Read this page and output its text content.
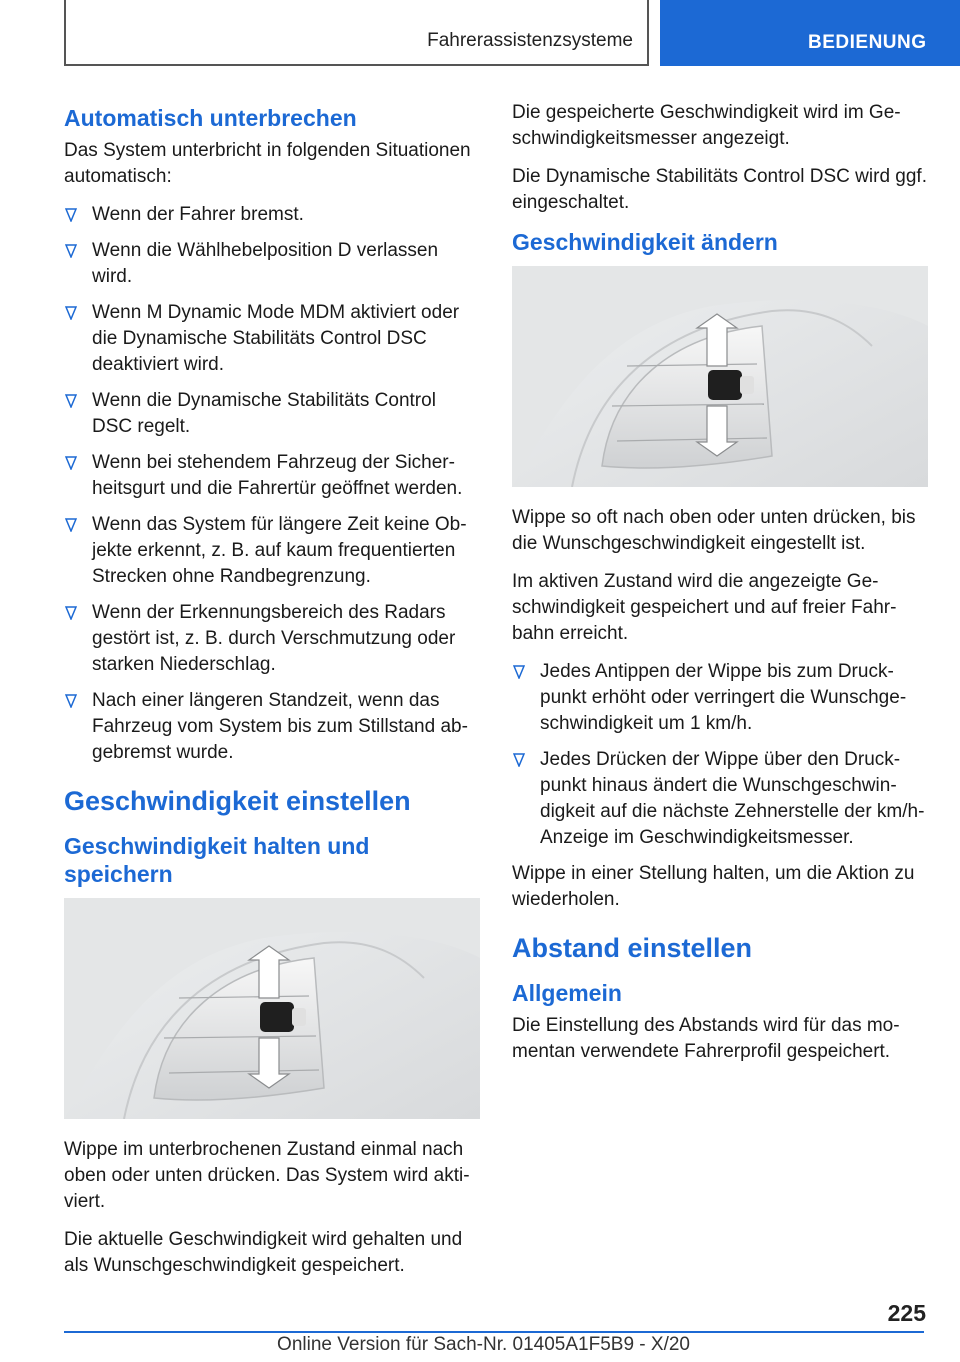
Fahrerassistenzsysteme	BEDIENUNG
Automatisch unterbrechen

Das System unterbricht in folgenden Situationen automatisch:

Wenn der Fahrer bremst.
Wenn die Wählhebelposition D verlassen wird.
Wenn M Dynamic Mode MDM aktiviert oder die Dynamische Stabilitäts Control DSC deaktiviert wird.
Wenn die Dynamische Stabilitäts Control DSC regelt.
Wenn bei stehendem Fahrzeug der Sicherheitsgurt und die Fahrertür geöffnet werden.
Wenn das System für längere Zeit keine Objekte erkennt, z. B. auf kaum frequentierten Strecken ohne Randbegrenzung.
Wenn der Erkennungsbereich des Radars gestört ist, z. B. durch Verschmutzung oder starken Niederschlag.
Nach einer längeren Standzeit, wenn das Fahrzeug vom System bis zum Stillstand abgebremst wurde.
Geschwindigkeit einstellen
Geschwindigkeit halten und speichern

Wippe im unterbrochenen Zustand einmal nach oben oder unten drücken. Das System wird aktiviert.

Die aktuelle Geschwindigkeit wird gehalten und als Wunschgeschwindigkeit gespeichert.

Die gespeicherte Geschwindigkeit wird im Geschwindigkeitsmesser angezeigt.

Die Dynamische Stabilitäts Control DSC wird ggf. eingeschaltet.

Geschwindigkeit ändern

Wippe so oft nach oben oder unten drücken, bis die Wunschgeschwindigkeit eingestellt ist.

Im aktiven Zustand wird die angezeigte Geschwindigkeit gespeichert und auf freier Fahrbahn erreicht.

Jedes Antippen der Wippe bis zum Druckpunkt erhöht oder verringert die Wunschgeschwindigkeit um 1 km/h.
Jedes Drücken der Wippe über den Druckpunkt hinaus ändert die Wunschgeschwindigkeit auf die nächste Zehnerstelle der km/h-Anzeige im Geschwindigkeitsmesser.

Wippe in einer Stellung halten, um die Aktion zu wiederholen.

Abstand einstellen
Allgemein

Die Einstellung des Abstands wird für das momentan verwendete Fahrerprofil gespeichert.

225
Online Version für Sach-Nr. 01405A1F5B9 - X/20
